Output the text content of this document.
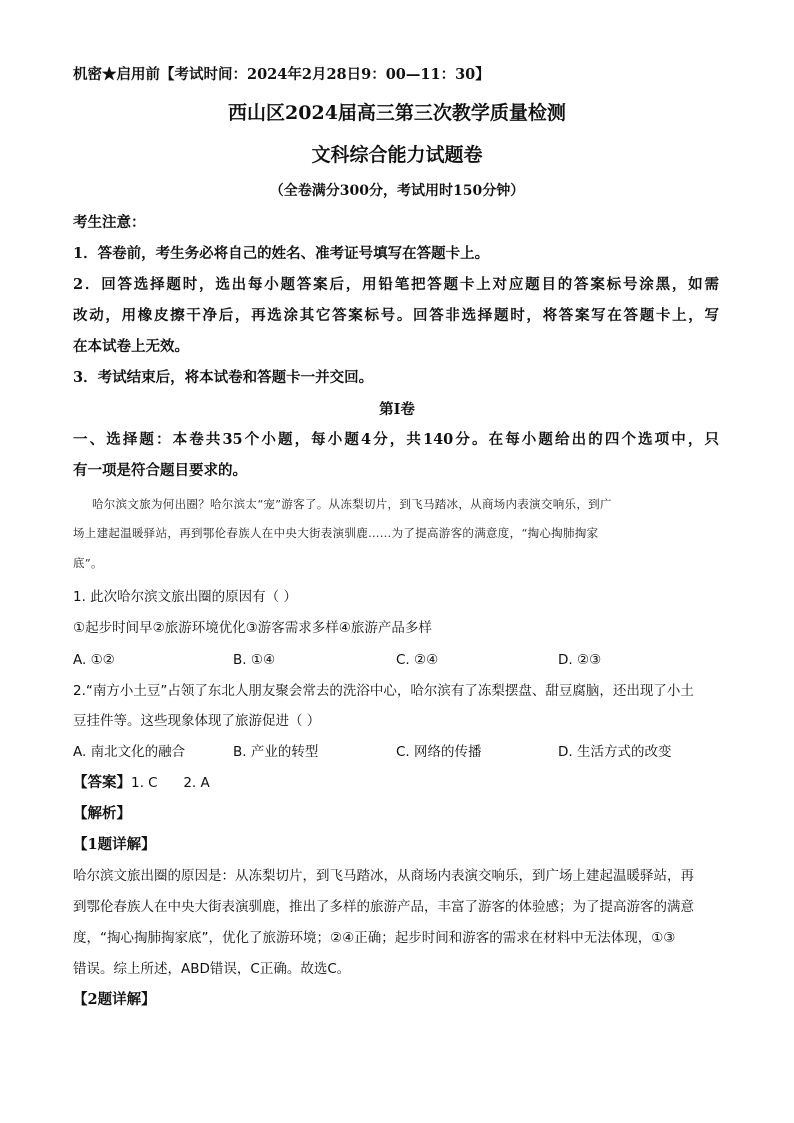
机密★启用前【考试时间：2024年2月28日9：00—11：30】
西山区2024届高三第三次教学质量检测
文科综合能力试题卷
（全卷满分300分，考试用时150分钟）
考生注意：
1．答卷前，考生务必将自己的姓名、准考证号填写在答题卡上。
2．回答选择题时，选出每小题答案后，用铅笔把答题卡上对应题目的答案标号涂黑，如需
改动，用橡皮擦干净后，再选涂其它答案标号。回答非选择题时，将答案写在答题卡上，写
在本试卷上无效。
3．考试结束后，将本试卷和答题卡一并交回。
第Ⅰ卷
一、选择题：本卷共35个小题，每小题4分，共140分。在每小题给出的四个选项中，只
有一项是符合题目要求的。
哈尔滨文旅为何出圈？哈尔滨太“宠”游客了。从冻梨切片，到飞马踏冰，从商场内表演交响乐，到广
场上建起温暖驿站，再到鄂伦春族人在中央大街表演驯鹿……为了提高游客的满意度，“掏心掏肺掏家
底”。
1. 此次哈尔滨文旅出圈的原因有（ ）
①起步时间早②旅游环境优化③游客需求多样④旅游产品多样
A. ①②	B. ①④	C. ②④	D. ②③
2.“南方小土豆”占领了东北人朋友聚会常去的洗浴中心，哈尔滨有了冻梨摆盘、甜豆腐脑，还出现了小土
豆挂件等。这些现象体现了旅游促进（ ）
A. 南北文化的融合	B. 产业的转型	C. 网络的传播	D. 生活方式的改变
【答案】1. C      2. A
【解析】
【1题详解】
哈尔滨文旅出圈的原因是：从冻梨切片，到飞马踏冰，从商场内表演交响乐，到广场上建起温暖驿站，再
到鄂伦春族人在中央大街表演驯鹿，推出了多样的旅游产品，丰富了游客的体验感；为了提高游客的满意
度，“掏心掏肺掏家底”，优化了旅游环境；②④正确；起步时间和游客的需求在材料中无法体现，①③
错误。综上所述，ABD错误，C正确。故选C。
【2题详解】
